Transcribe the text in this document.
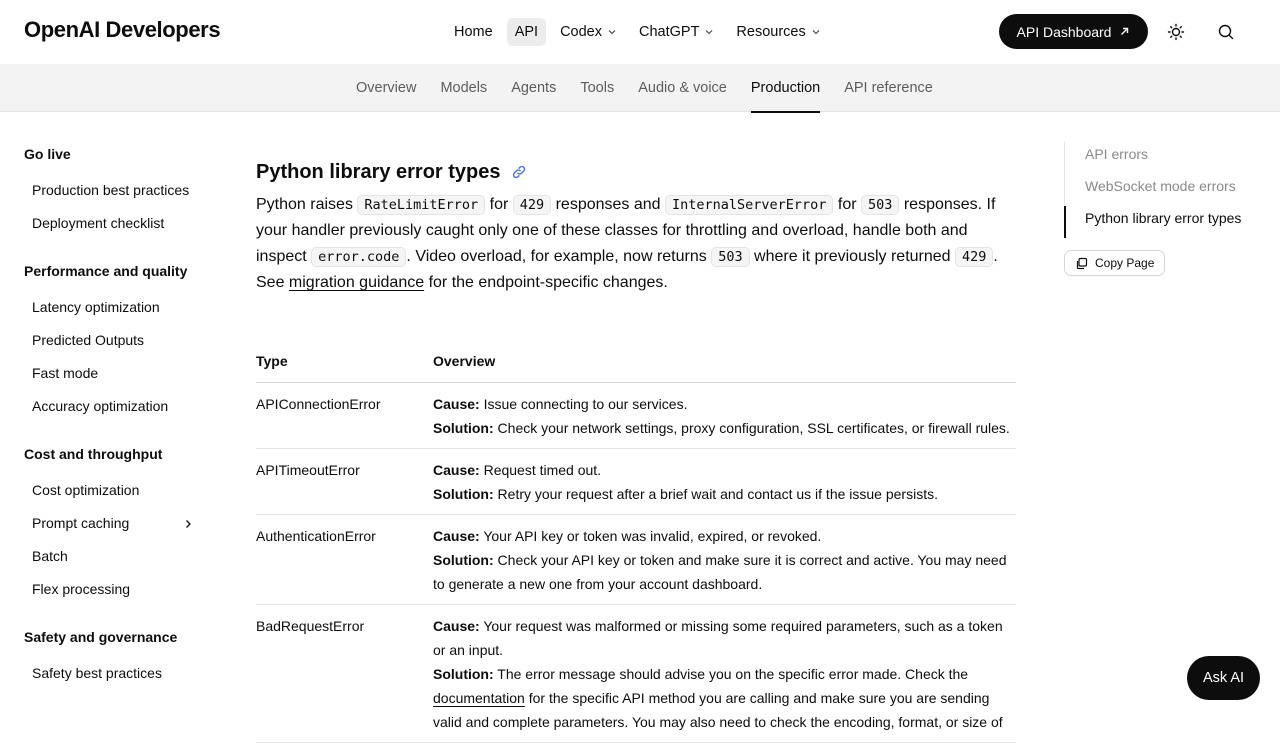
OpenAI Developers	Home API Codex	ChatGPT	Resources	API Dashboard
Overview	Models	Agents	Tools	Audio & voice	Production	API reference
Go live
Production best practices
Deployment checklist
Performance and quality
Latency optimization
Predicted Outputs
Fast mode
Accuracy optimization
Cost and throughput
Cost optimization
Prompt caching
Batch
Flex processing
Safety and governance
Safety best practices
Python library error types

Python raises RateLimitError for 429 responses and InternalServerError for 503 responses. If your handler previously caught only one of these classes for throttling and overload, handle both and inspect error.code . Video overload, for example, now returns 503 where it previously returned 429 . See migration guidance for the endpoint-specific changes.

Type	Overview
APIConnectionError	Cause: Issue connecting to our services.
Solution: Check your network settings, proxy configuration, SSL certificates, or firewall rules.

APITimeoutError	Cause: Request timed out.
Solution: Retry your request after a brief wait and contact us if the issue persists.

AuthenticationError	Cause: Your API key or token was invalid, expired, or revoked.
Solution: Check your API key or token and make sure it is correct and active. You may need to generate a new one from your account dashboard.

BadRequestError	Cause: Your request was malformed or missing some required parameters, such as a token or an input.
Solution: The error message should advise you on the specific error made. Check the documentation for the specific API method you are calling and make sure you are sending valid and complete parameters. You may also need to check the encoding, format, or size of
API errors
WebSocket mode errors
Python library error types
Copy Page
Ask AI
